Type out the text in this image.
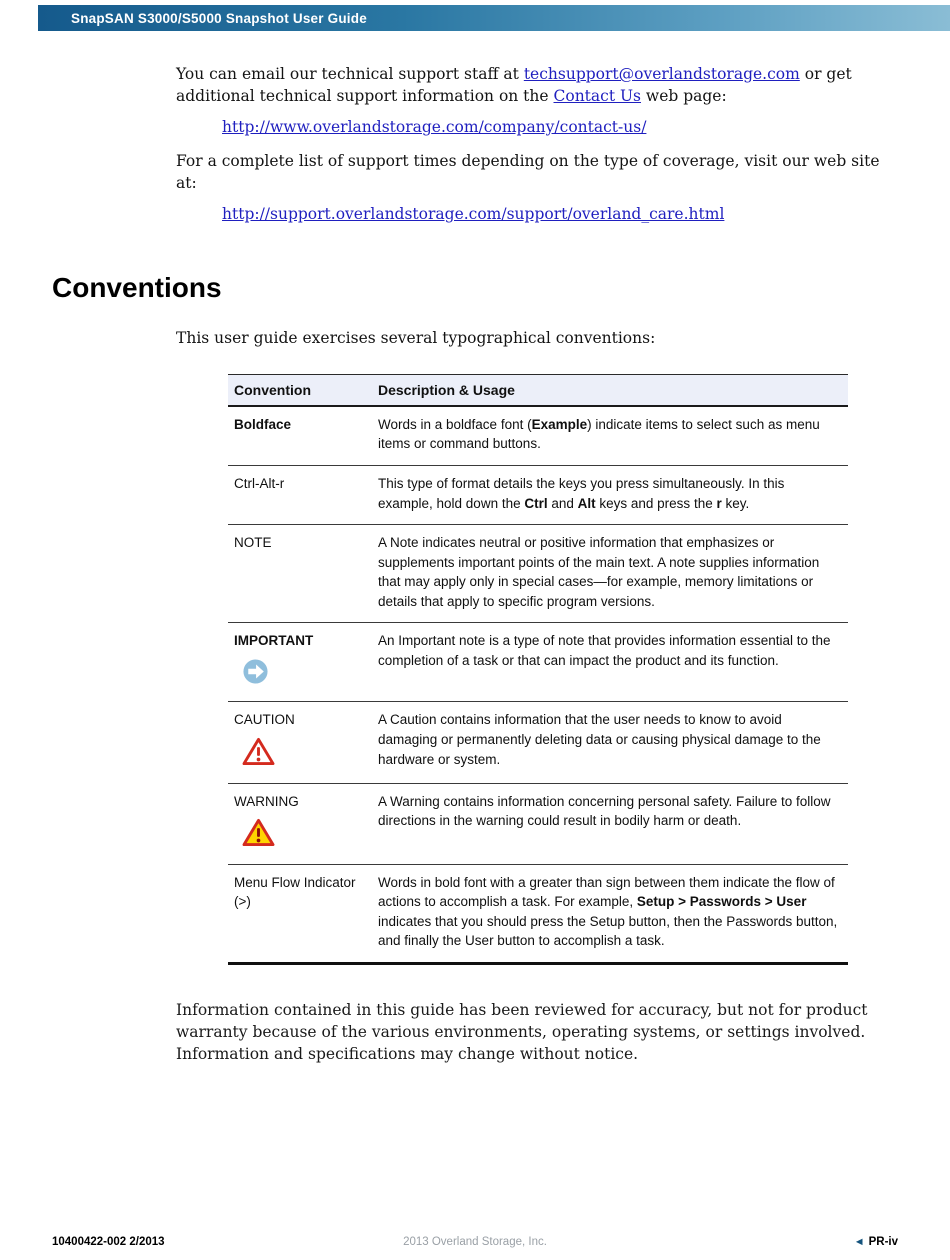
SnapSAN S3000/S5000 Snapshot User Guide

You can email our technical support staff at techsupport@overlandstorage.com or get additional technical support information on the Contact Us web page:

http://www.overlandstorage.com/company/contact-us/

For a complete list of support times depending on the type of coverage, visit our web site at:

http://support.overlandstorage.com/support/overland_care.html

Conventions

This user guide exercises several typographical conventions:

Convention	Description & Usage

Boldface	Words in a boldface font (Example) indicate items to select such as menu items or command buttons.

Ctrl-Alt-r	This type of format details the keys you press simultaneously. In this example, hold down the Ctrl and Alt keys and press the r key.

NOTE	A Note indicates neutral or positive information that emphasizes or supplements important points of the main text. A note supplies information that may apply only in special cases—for example, memory limitations or details that apply to specific program versions.

IMPORTANT	An Important note is a type of note that provides information essential to the completion of a task or that can impact the product and its function.

CAUTION	A Caution contains information that the user needs to know to avoid damaging or permanently deleting data or causing physical damage to the hardware or system.

WARNING	A Warning contains information concerning personal safety. Failure to follow directions in the warning could result in bodily harm or death.

Menu Flow Indicator (>)	Words in bold font with a greater than sign between them indicate the flow of actions to accomplish a task. For example, Setup > Passwords > User indicates that you should press the Setup button, then the Passwords button, and finally the User button to accomplish a task.

Information contained in this guide has been reviewed for accuracy, but not for product warranty because of the various environments, operating systems, or settings involved. Information and specifications may change without notice.

10400422-002 2/2013	2013 Overland Storage, Inc.	◄ PR-iv
